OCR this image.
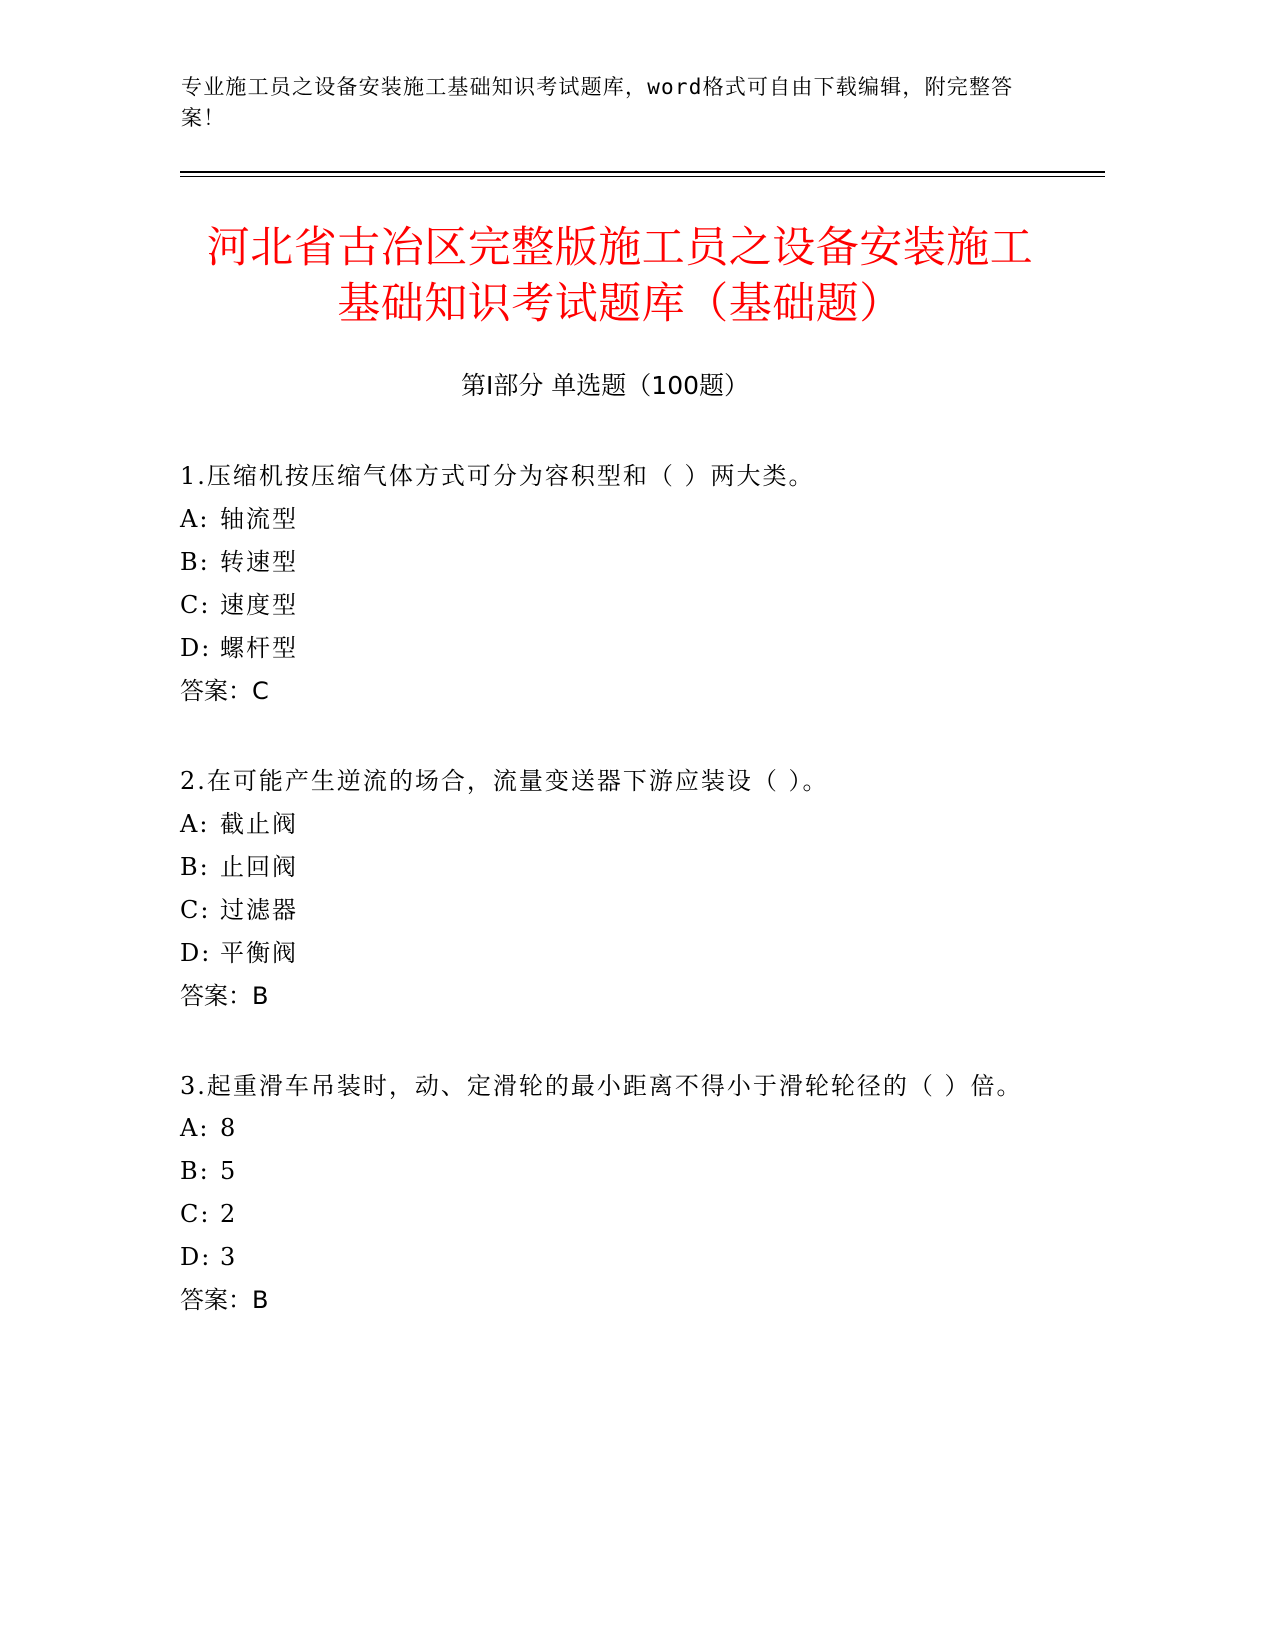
专业施工员之设备安装施工基础知识考试题库，word格式可自由下载编辑，附完整答案！
河北省古冶区完整版施工员之设备安装施工
基础知识考试题库（基础题）
第Ⅰ部分 单选题（100题）
1.压缩机按压缩气体方式可分为容积型和（ ）两大类。
A: 轴流型
B: 转速型
C: 速度型
D: 螺杆型
答案：C
2.在可能产生逆流的场合，流量变送器下游应装设（ ）。
A: 截止阀
B: 止回阀
C: 过滤器
D: 平衡阀
答案：B
3.起重滑车吊装时，动、定滑轮的最小距离不得小于滑轮轮径的（ ）倍。
A: 8
B: 5
C: 2
D: 3
答案：B
